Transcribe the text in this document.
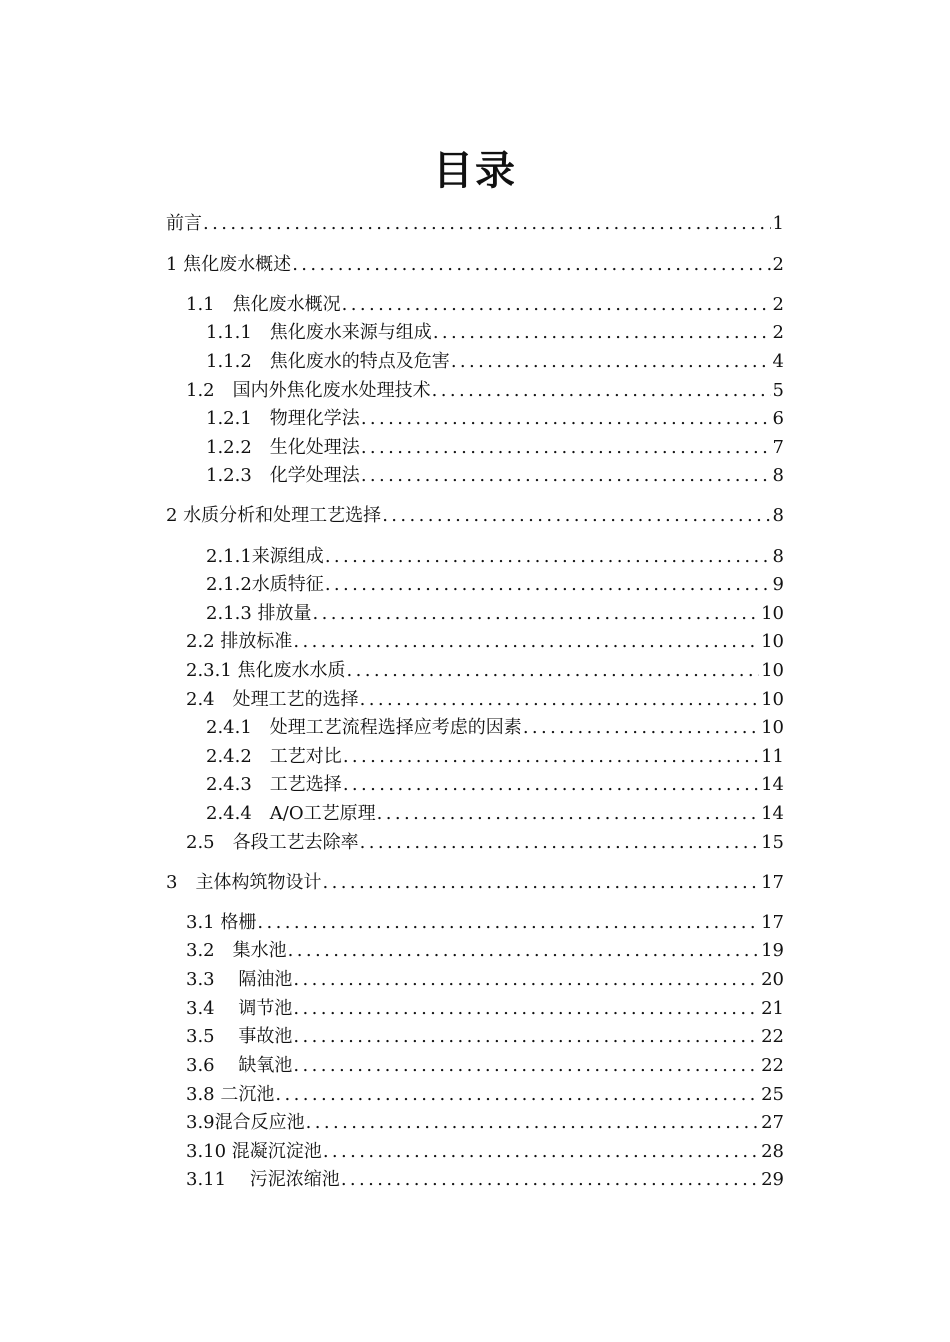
目录
前言 .....	1
1 焦化废水概述 .....	2
1.1　焦化废水概况 .....	2
1.1.1　焦化废水来源与组成 .....	2
1.1.2　焦化废水的特点及危害 .....	4
1.2　国内外焦化废水处理技术 .....	5
1.2.1　物理化学法 .....	6
1.2.2　生化处理法 .....	7
1.2.3　化学处理法 .....	8
2 水质分析和处理工艺选择 .....	8
2.1.1来源组成 .....	8
2.1.2水质特征 .....	9
2.1.3 排放量 .....	10
2.2 排放标准 .....	10
2.3.1 焦化废水水质 .....	10
2.4　处理工艺的选择 .....	10
2.4.1　处理工艺流程选择应考虑的因素 .....	10
2.4.2　工艺对比 .....	11
2.4.3　工艺选择 .....	14
2.4.4　A/O工艺原理 .....	14
2.5　各段工艺去除率 .....	15
3　主体构筑物设计 .....	17
3.1 格栅 .....	17
3.2　集水池 .....	19
3.3　 隔油池 .....	20
3.4　 调节池 .....	21
3.5　 事故池 .....	22
3.6　 缺氧池 .....	22
3.8 二沉池 .....	25
3.9混合反应池 .....	27
3.10 混凝沉淀池 .....	28
3.11　 污泥浓缩池 .....	29
